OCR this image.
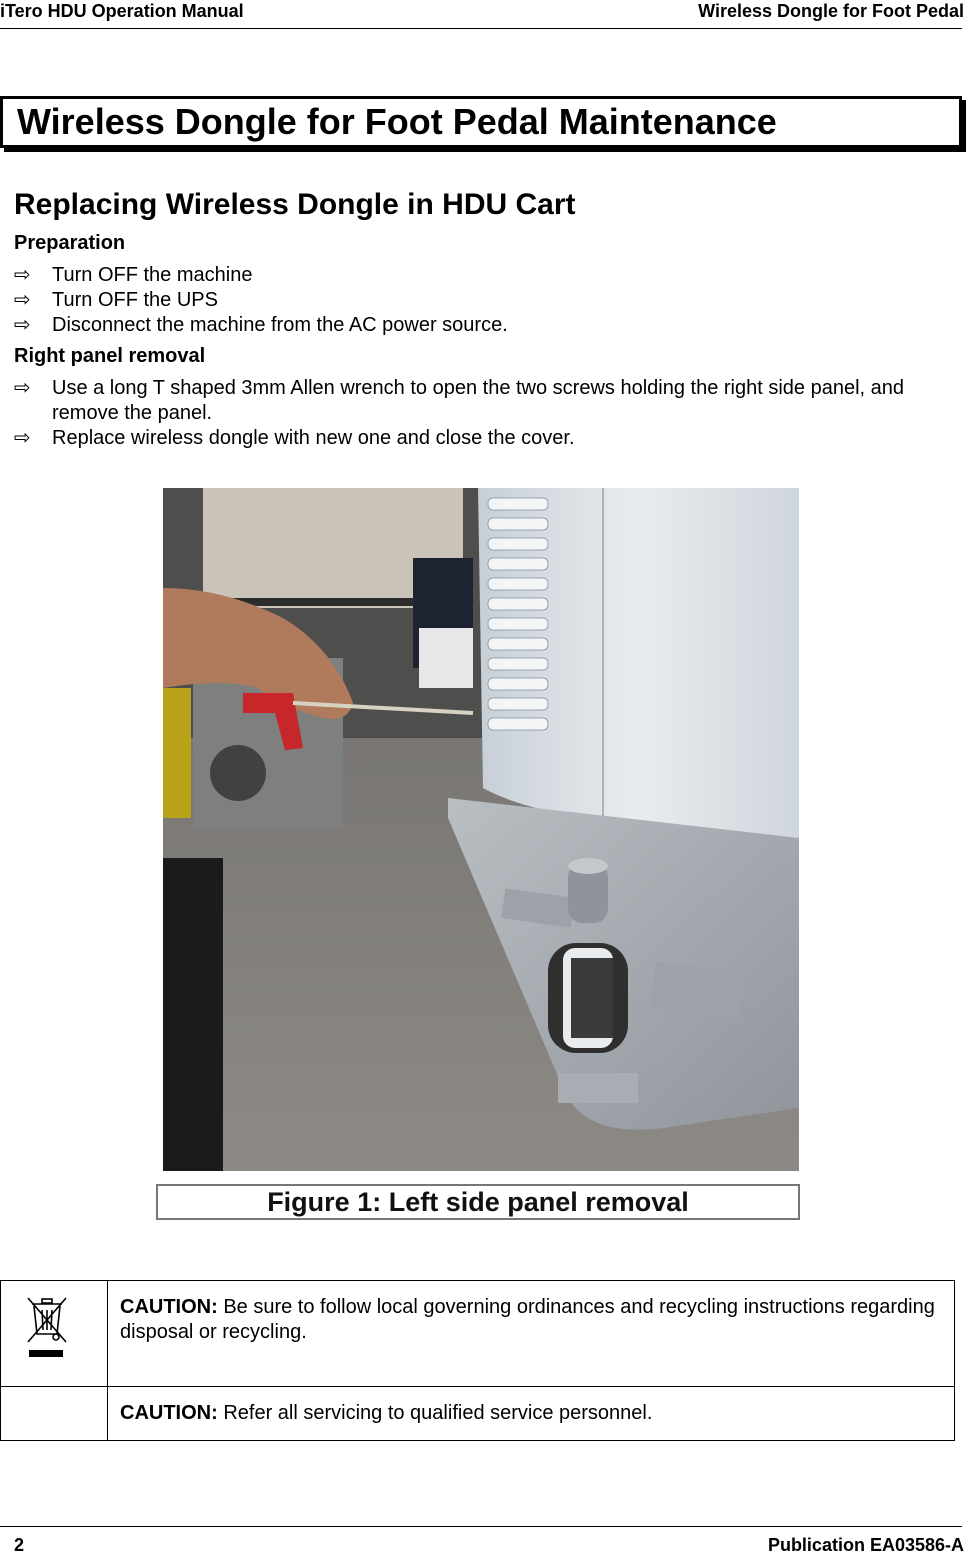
iTero HDU Operation Manual	Wireless Dongle for Foot Pedal
Wireless Dongle for Foot Pedal Maintenance
Replacing Wireless Dongle in HDU Cart
Preparation
⇨	Turn OFF the machine
⇨	Turn OFF the UPS
⇨	Disconnect the machine from the AC power source.
Right panel removal
⇨	Use a long T shaped 3mm Allen wrench to open the two screws holding the right side panel, and remove the panel.
⇨	Replace wireless dongle with new one and close the cover.
Figure 1: Left side panel removal
	CAUTION: Be sure to follow local governing ordinances and recycling instructions regarding disposal or recycling.
	CAUTION: Refer all servicing to qualified service personnel.
2	Publication EA03586-A
